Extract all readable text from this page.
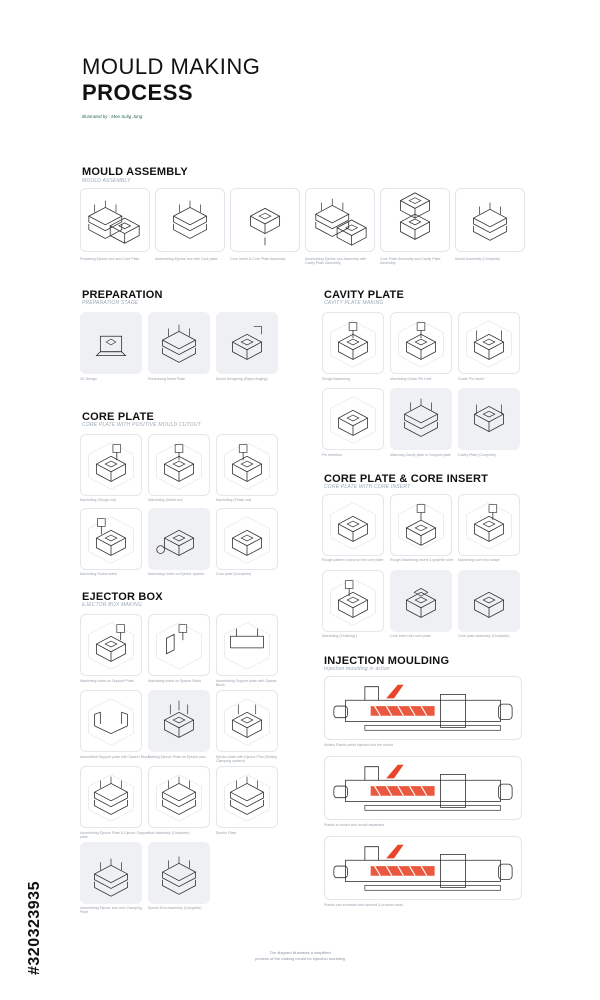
MOULD MAKING
PROCESS
Illustrated by : Mee Sulig Jung
MOULD ASSEMBLY
MOULD ASSEMBLY
Preparing Ejector box and Core Plate	Assembling Ejector box with Core plate	Core Insert & Core Plate Assembly	Assembling Ejector box Assembly with Cavity Plate Assembly
Core Plate Assembly and Cavity Plate Assembly
Mould Assembly (Complete)
PREPARATION
PREPARATION STAGE
3D Design	Purchasing Metal Plate	Mould Designing (Rapid Anglng)
CAVITY PLATE
CAVITY PLATE MAKING
Rough Machining	Machining Guide Pin Hole	Guide Pin Insert
Pin Insertion	Matching Cavity plate to Support plate	Cavity Plate (Complete)
CORE PLATE
CORE PLATE WITH POSITIVE MOULD CUTOUT
Machining (Rough cut)	Machining (Detail cut)	Machining (Finish cut)
Machining Screw holes	Machining Holes on Ejector system	Core plate (Complete)
CORE PLATE & CORE INSERT
CORE PLATE WITH CORE INSERT
Rough pattern cutout on the core plate	Rough Machining Insert & graphite core	Machining core into shape
Machining (Finishing )	Core insert into core plate	Core plate assembly (Complete)
EJECTOR BOX
EJECTOR BOX MAKING
Machining holes on Support Plate	Machining holes on Spacer Block	Assembling Support plate with Spacer Block
Assembled Support plate with Spacer Block
Making Ejector Plate for Ejector pins	Ejector plate with Ejector Pins (Sliding Clamping system)
Assembling Ejector Plate & Ejector Support plate
Sub Assembly (Complete)	Ejector Plate
Assembling Ejector box onto Clamping Plate
Ejector Box Assembly (Complete)
INJECTION MOULDING
Injection moulding in action
Molten Plastic pellet injected into the mould
Plastic is cooled and mould separates
Plastic part extracted and ejected & process ends
The diagram illustrates a simplified
process of the making mould for injection moulding
#320323935
